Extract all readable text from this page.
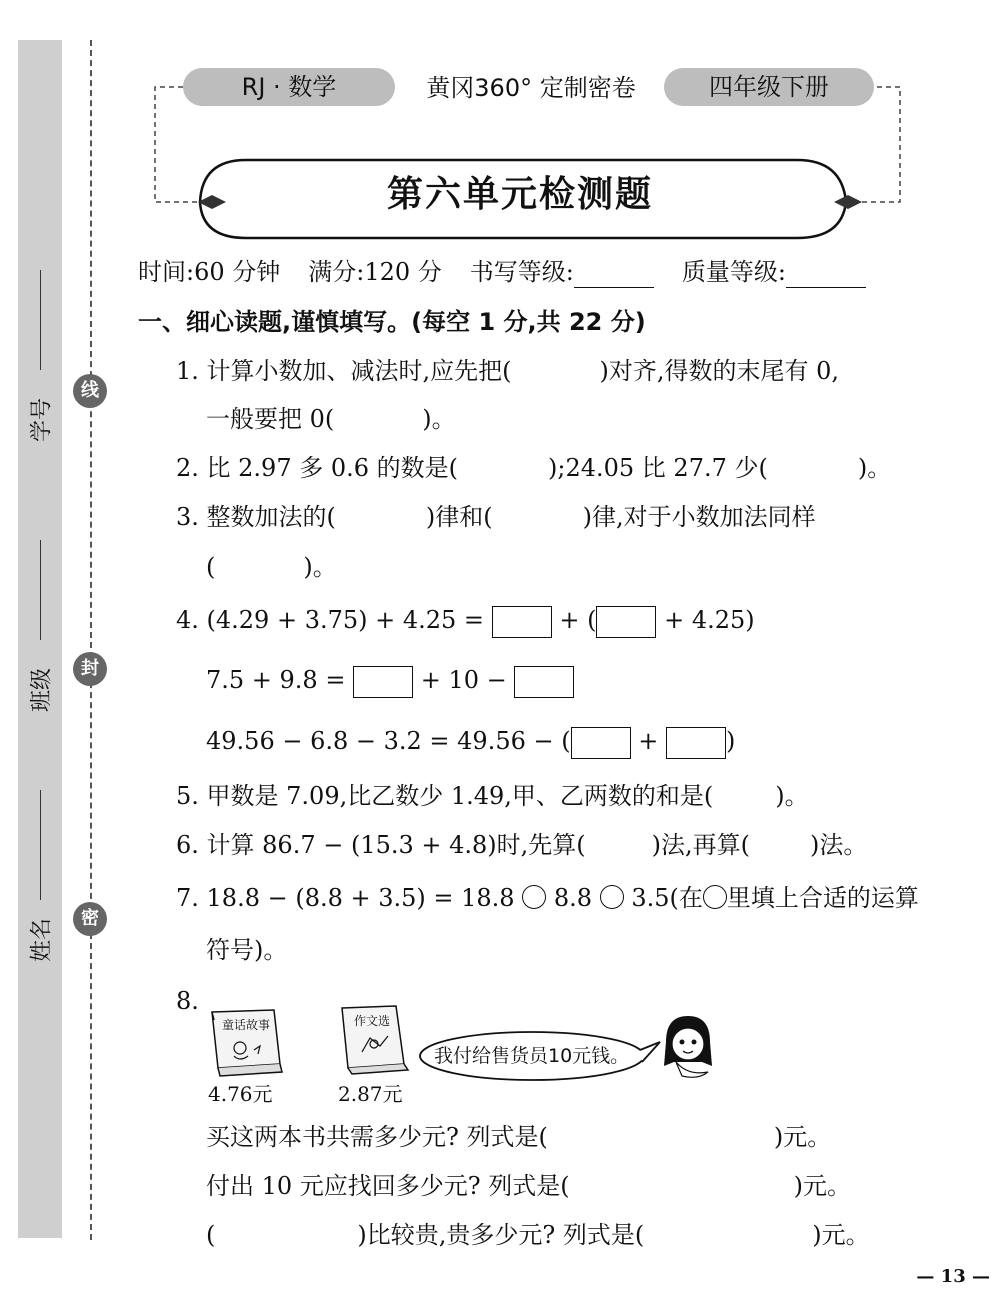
学号
班级
姓名
线
封
密
RJ · 数学	黄冈360° 定制密卷	四年级下册
第六单元检测题
时间:60 分钟 满分:120 分 书写等级:	质量等级:
一、细心读题,谨慎填写。(每空 1 分,共 22 分)
1. 计算小数加、减法时,应先把(	)对齐,得数的末尾有 0,
一般要把 0(	)。
2. 比 2.97 多 0.6 的数是(	);24.05 比 27.7 少(	)。
3. 整数加法的(	)律和(	)律,对于小数加法同样
(	)。
4. (4.29 + 3.75) + 4.25 =	+ (	+ 4.25)
7.5 + 9.8 =	+ 10 −
49.56 − 6.8 − 3.2 = 49.56 − (	+	)
5. 甲数是 7.09,比乙数少 1.49,甲、乙两数的和是(	)。
6. 计算 86.7 − (15.3 + 4.8)时,先算(	)法,再算(	)法。
7. 18.8 − (8.8 + 3.5) = 18.8 8.8 3.5(在 里填上合适的运算
符号)。
8.
童话故事
4.76元
作文选
2.87元
我付给售货员10元钱。
买这两本书共需多少元? 列式是(	)元。
付出 10 元应找回多少元? 列式是(	)元。
(	)比较贵,贵多少元? 列式是(	)元。
— 13 —
